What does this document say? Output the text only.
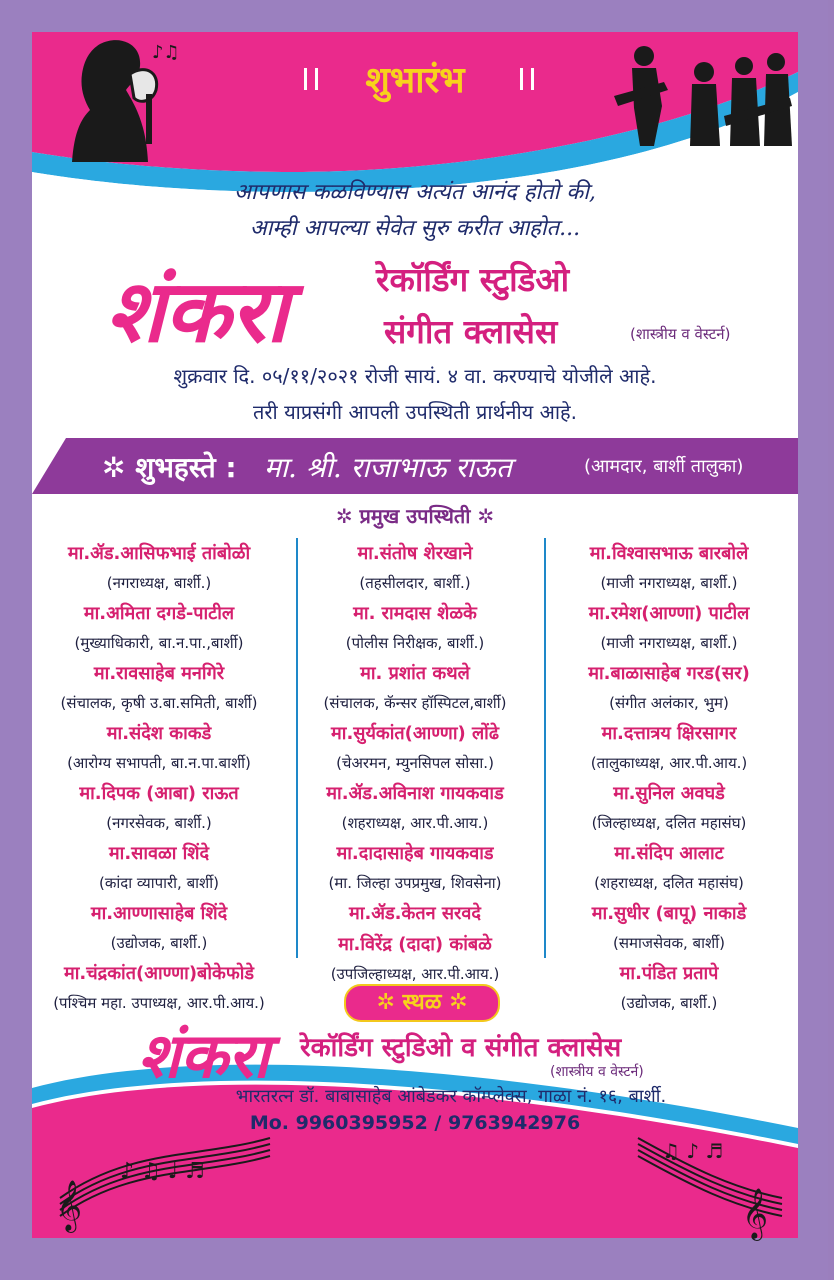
♪♫
शुभारंभ
आपणास कळविण्यास अत्यंत आनंद होतो की,
आम्ही आपल्या सेवेत सुरु करीत आहोत...
शंकरा	रेकॉर्डिंग स्टुडिओ
संगीत क्लासेस	(शास्त्रीय व वेस्टर्न)
शुक्रवार दि. ०५/११/२०२१ रोजी सायं. ४ वा. करण्याचे योजीले आहे.
तरी याप्रसंगी आपली उपस्थिती प्रार्थनीय आहे.
✲ शुभहस्ते : मा. श्री. राजाभाऊ राऊत	(आमदार, बार्शी तालुका)
✲ प्रमुख उपस्थिती ✲
मा.ॲड.आसिफभाई तांबोळी
(नगराध्यक्ष, बार्शी.)
मा.अमिता दगडे-पाटील
(मुख्याधिकारी, बा.न.पा.,बार्शी)
मा.रावसाहेब मनगिरे
(संचालक, कृषी उ.बा.समिती, बार्शी)
मा.संदेश काकडे
(आरोग्य सभापती, बा.न.पा.बार्शी)
मा.दिपक (आबा) राऊत
(नगरसेवक, बार्शी.)
मा.सावळा शिंदे
(कांदा व्यापारी, बार्शी)
मा.आण्णासाहेब शिंदे
(उद्योजक, बार्शी.)
मा.चंद्रकांत(आण्णा)बोकेफोडे
(पश्चिम महा. उपाध्यक्ष, आर.पी.आय.)
मा.संतोष शेरखाने
(तहसीलदार, बार्शी.)
मा. रामदास शेळके
(पोलीस निरीक्षक, बार्शी.)
मा. प्रशांत कथले
(संचालक, कॅन्सर हॉस्पिटल,बार्शी)
मा.सुर्यकांत(आण्णा) लोंढे
(चेअरमन, म्युनसिपल सोसा.)
मा.ॲड.अविनाश गायकवाड
(शहराध्यक्ष, आर.पी.आय.)
मा.दादासाहेब गायकवाड
(मा. जिल्हा उपप्रमुख, शिवसेना)
मा.ॲड.केतन सरवदे
मा.विरेंद्र (दादा) कांबळे
(उपजिल्हाध्यक्ष, आर.पी.आय.)
मा.विश्वासभाऊ बारबोले
(माजी नगराध्यक्ष, बार्शी.)
मा.रमेश(आण्णा) पाटील
(माजी नगराध्यक्ष, बार्शी.)
मा.बाळासाहेब गरड(सर)
(संगीत अलंकार, भुम)
मा.दत्तात्रय क्षिरसागर
(तालुकाध्यक्ष, आर.पी.आय.)
मा.सुनिल अवघडे
(जिल्हाध्यक्ष, दलित महासंघ)
मा.संदिप आलाट
(शहराध्यक्ष, दलित महासंघ)
मा.सुधीर (बापू) नाकाडे
(समाजसेवक, बार्शी)
मा.पंडित प्रतापे
(उद्योजक, बार्शी.)
𝄞
♪ ♫ ♩ ♬
𝄞
♫ ♪ ♬
✲ स्थळ ✲
शंकरा रेकॉर्डिंग स्टुडिओ व संगीत क्लासेस
(शास्त्रीय व वेस्टर्न)
भारतरत्न डॉ. बाबासाहेब आंबेडकर कॉम्प्लेक्स, गाळा नं. १६, बार्शी.
Mo. 9960395952 / 9763942976
